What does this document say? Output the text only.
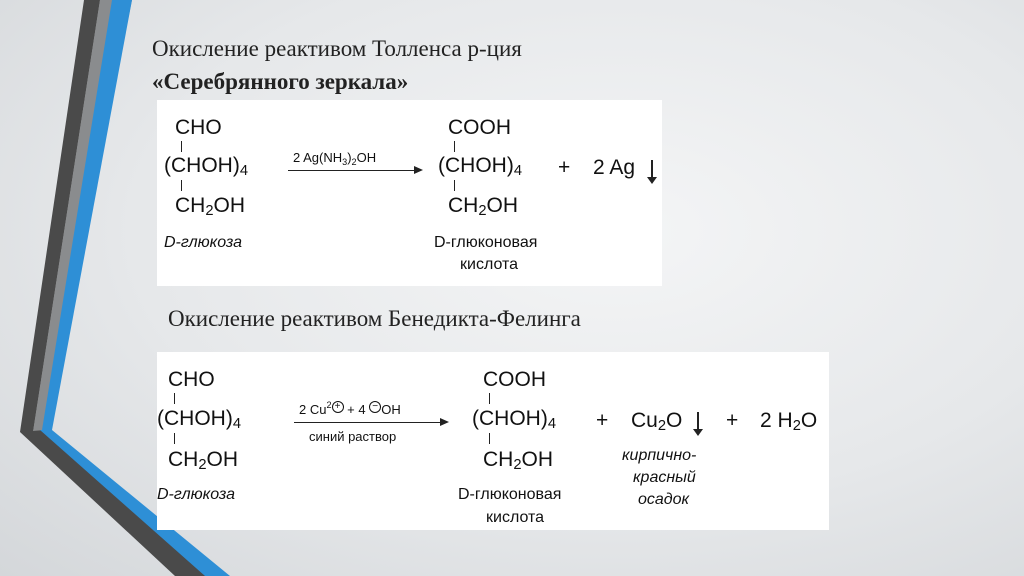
Окисление реактивом Толленса р-ция
«Серебрянного зеркала»
CHO
$(CHOH)_4$
$CH_2OH$
D-глюкоза
2 $Ag(NH_3)_2OH$
COOH
$(CHOH)_4$
$CH_2OH$
D-глюконовая
кислота
+ 2 Ag
Окисление реактивом Бенедикта-Фелинга
CHO
$(CHOH)_4$
$CH_2OH$
D-глюкоза
2 $Cu^2$ + + 4 − OH
синий раствор
COOH
$(CHOH)_4$
$CH_2OH$
D-глюконовая
кислота
+ $Cu_2O$
кирпично-
красный
осадок
+ 2 $H_2O$
